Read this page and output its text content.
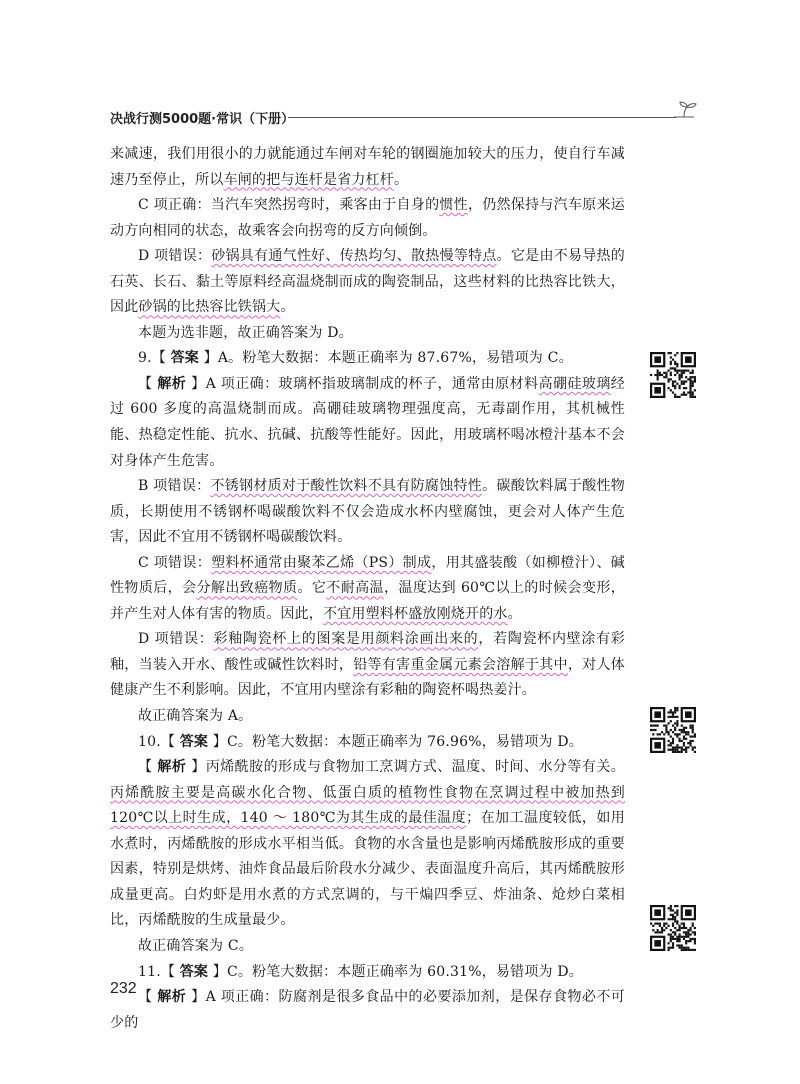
决战行测5000题·常识（下册）

来减速，我们用很小的力就能通过车闸对车轮的钢圈施加较大的压力，使自行车减速乃至停止，所以车闸的把与连杆是省力杠杆。

C 项正确：当汽车突然拐弯时，乘客由于自身的惯性，仍然保持与汽车原来运动方向相同的状态，故乘客会向拐弯的反方向倾倒。

D 项错误：砂锅具有通气性好、传热均匀、散热慢等特点。它是由不易导热的石英、长石、黏土等原料经高温烧制而成的陶瓷制品，这些材料的比热容比铁大，因此砂锅的比热容比铁锅大。

本题为选非题，故正确答案为 D。

9.【 答案 】A。粉笔大数据：本题正确率为 87.67%，易错项为 C。

【 解析 】A 项正确：玻璃杯指玻璃制成的杯子，通常由原材料高硼硅玻璃经过 600 多度的高温烧制而成。高硼硅玻璃物理强度高，无毒副作用，其机械性能、热稳定性能、抗水、抗碱、抗酸等性能好。因此，用玻璃杯喝冰橙汁基本不会对身体产生危害。

B 项错误：不锈钢材质对于酸性饮料不具有防腐蚀特性。碳酸饮料属于酸性物质，长期使用不锈钢杯喝碳酸饮料不仅会造成水杯内壁腐蚀，更会对人体产生危害，因此不宜用不锈钢杯喝碳酸饮料。

C 项错误：塑料杯通常由聚苯乙烯（PS）制成，用其盛装酸（如柳橙汁）、碱性物质后，会分解出致癌物质。它不耐高温，温度达到 60℃以上的时候会变形，并产生对人体有害的物质。因此，不宜用塑料杯盛放刚烧开的水。

D 项错误：彩釉陶瓷杯上的图案是用颜料涂画出来的，若陶瓷杯内壁涂有彩釉，当装入开水、酸性或碱性饮料时，铅等有害重金属元素会溶解于其中，对人体健康产生不利影响。因此，不宜用内壁涂有彩釉的陶瓷杯喝热姜汁。

故正确答案为 A。

10.【 答案 】C。粉笔大数据：本题正确率为 76.96%，易错项为 D。

【 解析 】丙烯酰胺的形成与食物加工烹调方式、温度、时间、水分等有关。丙烯酰胺主要是高碳水化合物、低蛋白质的植物性食物在烹调过程中被加热到 120℃以上时生成，140 ～ 180℃为其生成的最佳温度；在加工温度较低，如用水煮时，丙烯酰胺的形成水平相当低。食物的水含量也是影响丙烯酰胺形成的重要因素，特别是烘烤、油炸食品最后阶段水分减少、表面温度升高后，其丙烯酰胺形成量更高。白灼虾是用水煮的方式烹调的，与干煸四季豆、炸油条、炝炒白菜相比，丙烯酰胺的生成量最少。

故正确答案为 C。

11.【 答案 】C。粉笔大数据：本题正确率为 60.31%，易错项为 D。

【 解析 】A 项正确：防腐剂是很多食品中的必要添加剂，是保存食物必不可少的

232
